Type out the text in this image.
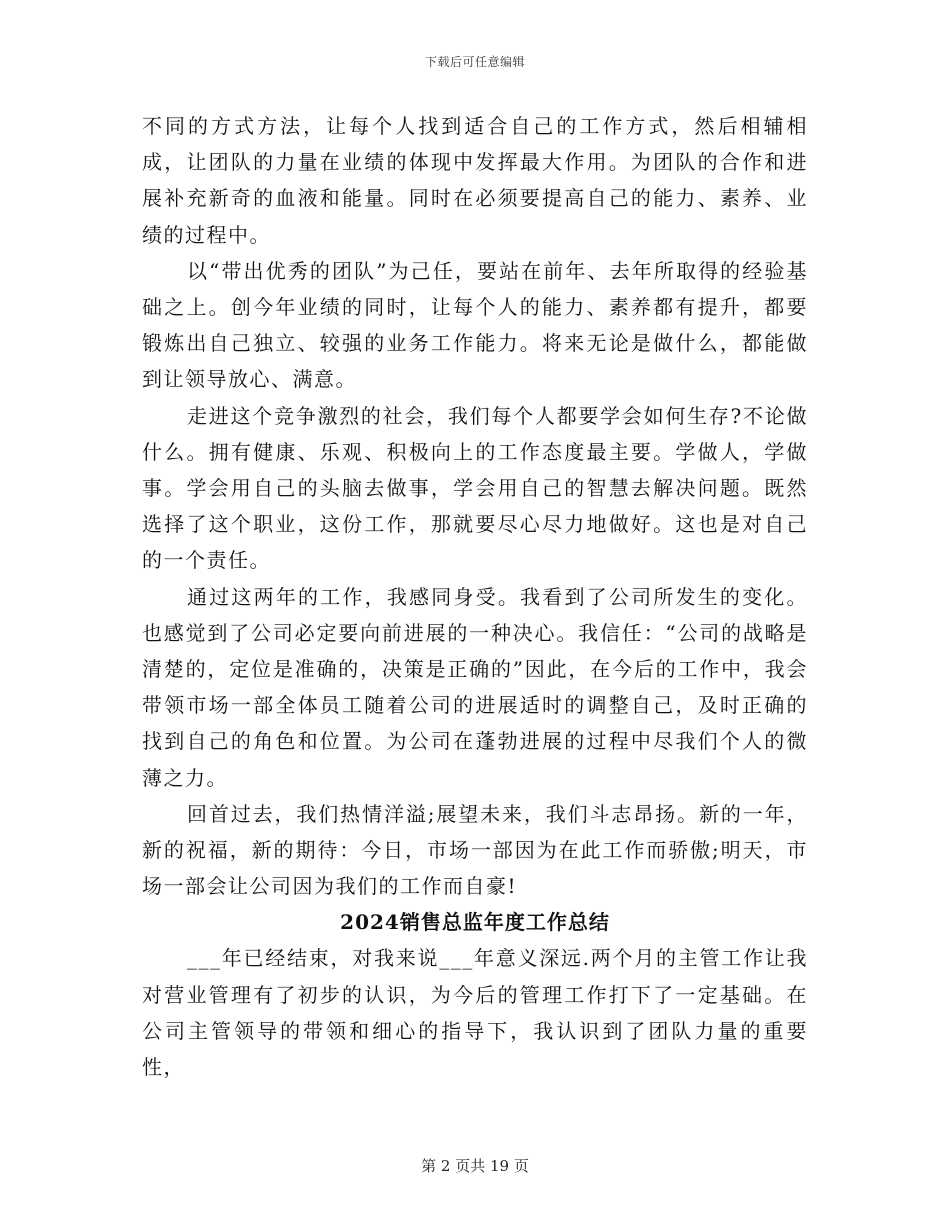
下载后可任意编辑

不同的方式方法，让每个人找到适合自己的工作方式，然后相辅相成，让团队的力量在业绩的体现中发挥最大作用。为团队的合作和进展补充新奇的血液和能量。同时在必须要提高自己的能力、素养、业绩的过程中。

以“带出优秀的团队”为己任，要站在前年、去年所取得的经验基础之上。创今年业绩的同时，让每个人的能力、素养都有提升，都要锻炼出自己独立、较强的业务工作能力。将来无论是做什么，都能做到让领导放心、满意。

走进这个竞争激烈的社会，我们每个人都要学会如何生存?不论做什么。拥有健康、乐观、积极向上的工作态度最主要。学做人，学做事。学会用自己的头脑去做事，学会用自己的智慧去解决问题。既然选择了这个职业，这份工作，那就要尽心尽力地做好。这也是对自己的一个责任。

通过这两年的工作，我感同身受。我看到了公司所发生的变化。也感觉到了公司必定要向前进展的一种决心。我信任：“公司的战略是清楚的，定位是准确的，决策是正确的”因此，在今后的工作中，我会带领市场一部全体员工随着公司的进展适时的调整自己，及时正确的找到自己的角色和位置。为公司在蓬勃进展的过程中尽我们个人的微薄之力。

回首过去，我们热情洋溢;展望未来，我们斗志昂扬。新的一年，新的祝福，新的期待：今日，市场一部因为在此工作而骄傲;明天，市场一部会让公司因为我们的工作而自豪!

2024销售总监年度工作总结

___年已经结束，对我来说___年意义深远.两个月的主管工作让我对营业管理有了初步的认识，为今后的管理工作打下了一定基础。在公司主管领导的带领和细心的指导下，我认识到了团队力量的重要性，

第 2 页共 19 页
